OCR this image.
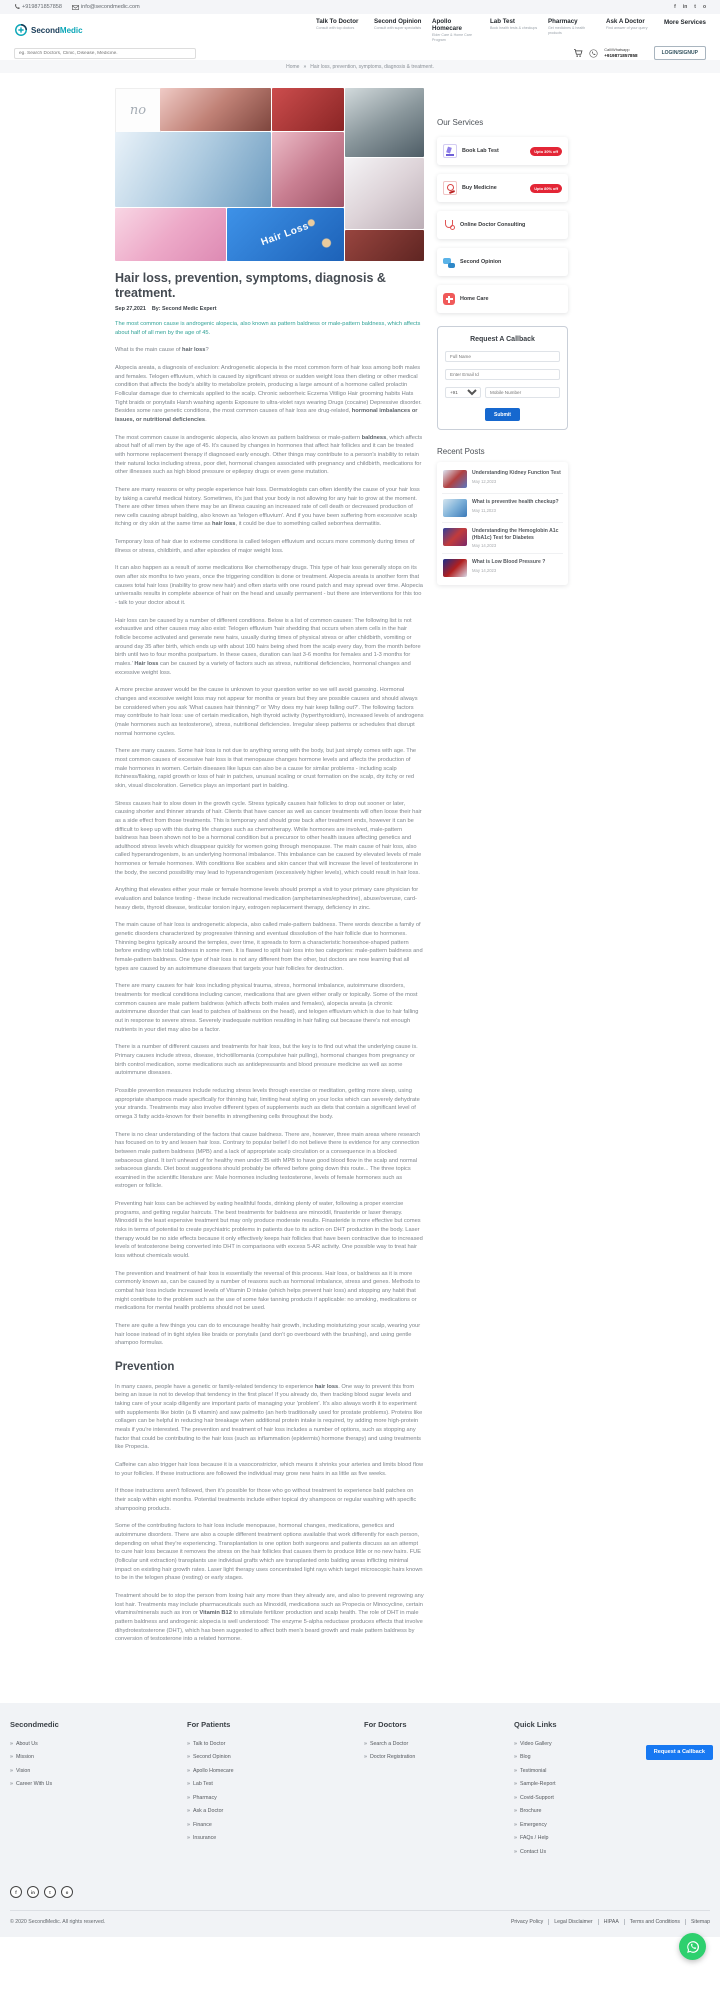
+919871857858	info@secondmedic.com	f in t o
SecondMedic
Talk To Doctor
Consult with top doctors
Second Opinion
Consult with super specialists
Apollo Homecare
Elder Care & Home Care Program
Lab Test
Book health tests & checkups
Pharmacy
Get medicines & health products
Ask A Doctor
Find answer of your query
More Services
eg. Search Doctors, Clinic, Disease, Medicine.
Call/Whatsapp
+919871857858	LOGIN/SIGNUP
Home » Hair loss, prevention, symptoms, diagnosis & treatment.
no
Hair Loss
Hair loss, prevention, symptoms, diagnosis & treatment.
Sep 27,2021 By: Second Medic Expert

The most common cause is androgenic alopecia, also known as pattern baldness or male-pattern baldness, which affects about half of all men by the age of 45.

What is the main cause of hair loss?

Alopecia areata, a diagnosis of exclusion: Androgenetic alopecia is the most common form of hair loss among both males and females. Telogen effluvium, which is caused by significant stress or sudden weight loss then dieting or other medical condition that affects the body's ability to metabolize protein, producing a large amount of a hormone called prolactin Follicular damage due to chemicals applied to the scalp. Chronic seborrheic Eczema Vitiligo Hair grooming habits Hats Tight braids or ponytails Harsh washing agents Exposure to ultra-violet rays wearing Drugs (cocaine) Depressive disorder. Besides some rare genetic conditions, the most common causes of hair loss are drug-related, hormonal imbalances or issues, or nutritional deficiencies.

The most common cause is androgenic alopecia, also known as pattern baldness or male-pattern baldness, which affects about half of all men by the age of 45. It's caused by changes in hormones that affect hair follicles and it can be treated with hormone replacement therapy if diagnosed early enough. Other things may contribute to a person's inability to retain their natural locks including stress, poor diet, hormonal changes associated with pregnancy and childbirth, medications for other illnesses such as high blood pressure or epilepsy drugs or even gene mutation.

There are many reasons or why people experience hair loss. Dermatologists can often identify the cause of your hair loss by taking a careful medical history. Sometimes, it's just that your body is not allowing for any hair to grow at the moment. There are other times when there may be an illness causing an increased rate of cell death or decreased production of new cells causing abrupt balding, also known as 'telogen effluvium'. And if you have been suffering from excessive scalp itching or dry skin at the same time as hair loss, it could be due to something called seborrhea dermatitis.

Temporary loss of hair due to extreme conditions is called telogen effluvium and occurs more commonly during times of illness or stress, childbirth, and after episodes of major weight loss.

It can also happen as a result of some medications like chemotherapy drugs. This type of hair loss generally stops on its own after six months to two years, once the triggering condition is done or treatment. Alopecia areata is another form that causes total hair loss (inability to grow new hair) and often starts with one round patch and may spread over time. Alopecia universalis results in complete absence of hair on the head and usually permanent - but there are interventions for this too - talk to your doctor about it.

Hair loss can be caused by a number of different conditions. Below is a list of common causes: The following list is not exhaustive and other causes may also exist: Telogen effluvium 'hair shedding that occurs when stem cells in the hair follicle become activated and generate new hairs, usually during times of physical stress or after childbirth, vomiting or around day 35 after birth, which ends up with about 100 hairs being shed from the scalp every day, from the month before birth until two to four months postpartum. In these cases, duration can last 3-6 months for females and 1-3 months for males.' Hair loss can be caused by a variety of factors such as stress, nutritional deficiencies, hormonal changes and excessive weight loss.

A more precise answer would be the cause is unknown to your question writer so we will avoid guessing. Hormonal changes and excessive weight loss may not appear for months or years but they are possible causes and should always be considered when you ask 'What causes hair thinning?' or 'Why does my hair keep falling out?'. The following factors may contribute to hair loss: use of certain medication, high thyroid activity (hyperthyroidism), increased levels of androgens (male hormones such as testosterone), stress, nutritional deficiencies. Irregular sleep patterns or schedules that disrupt normal hormone cycles.

There are many causes. Some hair loss is not due to anything wrong with the body, but just simply comes with age. The most common causes of excessive hair loss is that menopause changes hormone levels and affects the production of male hormones in women. Certain diseases like lupus can also be a cause for similar problems - including scalp itchiness/flaking, rapid growth or loss of hair in patches, unusual scaling or crust formation on the scalp, dry itchy or red skin, visual discoloration. Genetics plays an important part in balding.

Stress causes hair to slow down in the growth cycle. Stress typically causes hair follicles to drop out sooner or later, causing shorter and thinner strands of hair. Clients that have cancer as well as cancer treatments will often loose their hair as a side effect from those treatments. This is temporary and should grow back after treatment ends, however it can be difficult to keep up with this during life changes such as chemotherapy. While hormones are involved, male-pattern baldness has been shown not to be a hormonal condition but a precursor to other health issues affecting genetics and adulthood stress levels which disappear quickly for women going through menopause. The main cause of hair loss, also called hyperandrogenism, is an underlying hormonal imbalance. This imbalance can be caused by elevated levels of male hormones or female hormones. With conditions like scabies and skin cancer that will increase the level of testosterone in the body, the second possibility may lead to hyperandrogenism (excessively higher levels), which could result in hair loss.

Anything that elevates either your male or female hormone levels should prompt a visit to your primary care physician for evaluation and balance testing - these include recreational medication (amphetamines/ephedrine), abuse/overuse, card-heavy diets, thyroid disease, testicular torsion injury, estrogen replacement therapy, deficiency in zinc.

The main cause of hair loss is androgenetic alopecia, also called male-pattern baldness. There words describe a family of genetic disorders characterized by progressive thinning and eventual dissolution of the hair follicle due to hormones. Thinning begins typically around the temples, over time, it spreads to form a characteristic horseshoe-shaped pattern before ending with total baldness in some men. It is flawed to split hair loss into two categories: male-pattern baldness and female-pattern baldness. One type of hair loss is not any different from the other, but doctors are now learning that all types are caused by an autoimmune diseases that targets your hair follicles for destruction.

There are many causes for hair loss including physical trauma, stress, hormonal imbalance, autoimmune disorders, treatments for medical conditions including cancer, medications that are given either orally or topically. Some of the most common causes are male pattern baldness (which affects both males and females), alopecia areata (a chronic autoimmune disorder that can lead to patches of baldness on the head), and telogen effluvium which is due to hair falling out in response to severe stress. Severely inadequate nutrition resulting in hair falling out because there's not enough nutrients in your diet may also be a factor.

There is a number of different causes and treatments for hair loss, but the key is to find out what the underlying cause is. Primary causes include stress, disease, trichotillomania (compulsive hair pulling), hormonal changes from pregnancy or birth control medication, some medications such as antidepressants and blood pressure medicine as well as some autoimmune diseases.

Possible prevention measures include reducing stress levels through exercise or meditation, getting more sleep, using appropriate shampoos made specifically for thinning hair, limiting heat styling on your locks which can severely dehydrate your strands. Treatments may also involve different types of supplements such as diets that contain a significant level of omega 3 fatty acids-known for their benefits in strengthening cells throughout the body.

There is no clear understanding of the factors that cause baldness. There are, however, three main areas where research has focused on to try and lessen hair loss. Contrary to popular belief I do not believe there is evidence for any connection between male pattern baldness (MPB) and a lack of appropriate scalp circulation or a consequence in a blocked sebaceous gland. It isn't unheard of for healthy men under 35 with MPB to have good blood flow in the scalp and normal sebaceous glands. Diet boost suggestions should probably be offered before going down this route... The three topics examined in the scientific literature are: Male hormones including testosterone, levels of female hormones such as estrogen or follicle.

Preventing hair loss can be achieved by eating healthful foods, drinking plenty of water, following a proper exercise programs, and getting regular haircuts. The best treatments for baldness are minoxidil, finasteride or laser therapy. Minoxidil is the least expensive treatment but may only produce moderate results. Finasteride is more effective but comes risks in terms of potential to create psychiatric problems in patients due to its action on DHT production in the body. Laser therapy would be no side effects because it only effectively keeps hair follicles that have been contractive due to increased levels of testosterone being converted into DHT in comparisons with excess 5-AR activity. One possible way to treat hair loss without chemicals would.

The prevention and treatment of hair loss is essentially the reversal of this process. Hair loss, or baldness as it is more commonly known as, can be caused by a number of reasons such as hormonal imbalance, stress and genes. Methods to combat hair loss include increased levels of Vitamin D intake (which helps prevent hair loss) and stopping any habit that might contribute to the problem such as the use of some fake tanning products if applicable: no smoking, medications or medications for mental health problems should not be used.

There are quite a few things you can do to encourage healthy hair growth, including moisturizing your scalp, wearing your hair loose instead of in tight styles like braids or ponytails (and don't go overboard with the brushing), and using gentle shampoo formulas.

Prevention

In many cases, people have a genetic or family-related tendency to experience hair loss. One way to prevent this from being an issue is not to develop that tendency in the first place! If you already do, then tracking blood sugar levels and taking care of your scalp diligently are important parts of managing your 'problem'. It's also always worth it to experiment with supplements like biotin (a B vitamin) and saw palmetto (an herb traditionally used for prostate problems). Proteins like collagen can be helpful in reducing hair breakage when additional protein intake is required, try adding more high-protein meals if you're interested. The prevention and treatment of hair loss includes a number of options, such as stopping any factor that could be contributing to the hair loss (such as inflammation (epidermis) hormone therapy) and using treatments like Propecia.

Caffeine can also trigger hair loss because it is a vasoconstrictor, which means it shrinks your arteries and limits blood flow to your follicles. If these instructions are followed the individual may grow new hairs in as little as five weeks.

If those instructions aren't followed, then it's possible for those who go without treatment to experience bald patches on their scalp within eight months. Potential treatments include either topical dry shampoos or regular washing with specific shampooing products.

Some of the contributing factors to hair loss include menopause, hormonal changes, medications, genetics and autoimmune disorders. There are also a couple different treatment options available that work differently for each person, depending on what they're experiencing. Transplantation is one option both surgeons and patients discuss as an attempt to cure hair loss because it removes the stress on the hair follicles that causes them to produce little or no new hairs. FUE (follicular unit extraction) transplants use individual grafts which are transplanted onto balding areas inflicting minimal impact on existing hair growth rates. Laser light therapy uses concentrated light rays which target microscopic hairs known to be in the telogen phase (resting) or early stages.

Treatment should be to stop the person from losing hair any more than they already are, and also to prevent regrowing any lost hair. Treatments may include pharmaceuticals such as Minoxidil, medications such as Propecia or Minocycline, certain vitamins/minerals such as iron or Vitamin B12 to stimulate fertilizer production and scalp health. The role of DHT in male pattern baldness and androgenic alopecia is well understood: The enzyme 5-alpha reductase produces effects that involve dihydrotestosterone (DHT), which has been suggested to affect both men's beard growth and male pattern baldness by conversion of testosterone into a related hormone.

Our Services
Book Lab Test	Upto 30% off
Buy Medicine	Upto 80% off
Online Doctor Consulting
Second Opinion
Home Care
Request A Callback
Full Name
Enter Email Id
+91
Mobile Number
Submit
Recent Posts
Understanding Kidney Function Test
May 12,2023
What is preventive health checkup?
May 11,2023
Understanding the Hemoglobin A1c (HbA1c) Test for Diabetes
May 14,2023
What is Low Blood Pressure ?
May 14,2023
Secondmedic
» About Us
» Mission
» Vision
» Career With Us
For Patients
» Talk to Doctor
» Second Opinion
» Apollo Homecare
» Lab Test
» Pharmacy
» Ask a Doctor
» Finance
» Insurance
For Doctors
» Search a Doctor
» Doctor Registration
Quick Links
» Video Gallery
» Blog
» Testimonial
» Sample-Report
» Covid-Support
» Brochure
» Emergency
» FAQs / Help
» Contact Us
f	in	t	o
Request a Callback
© 2020 SecondMedic. All rights reserved.	Privacy Policy	Legal Disclaimer	HIPAA	Terms and Conditions	Sitemap
